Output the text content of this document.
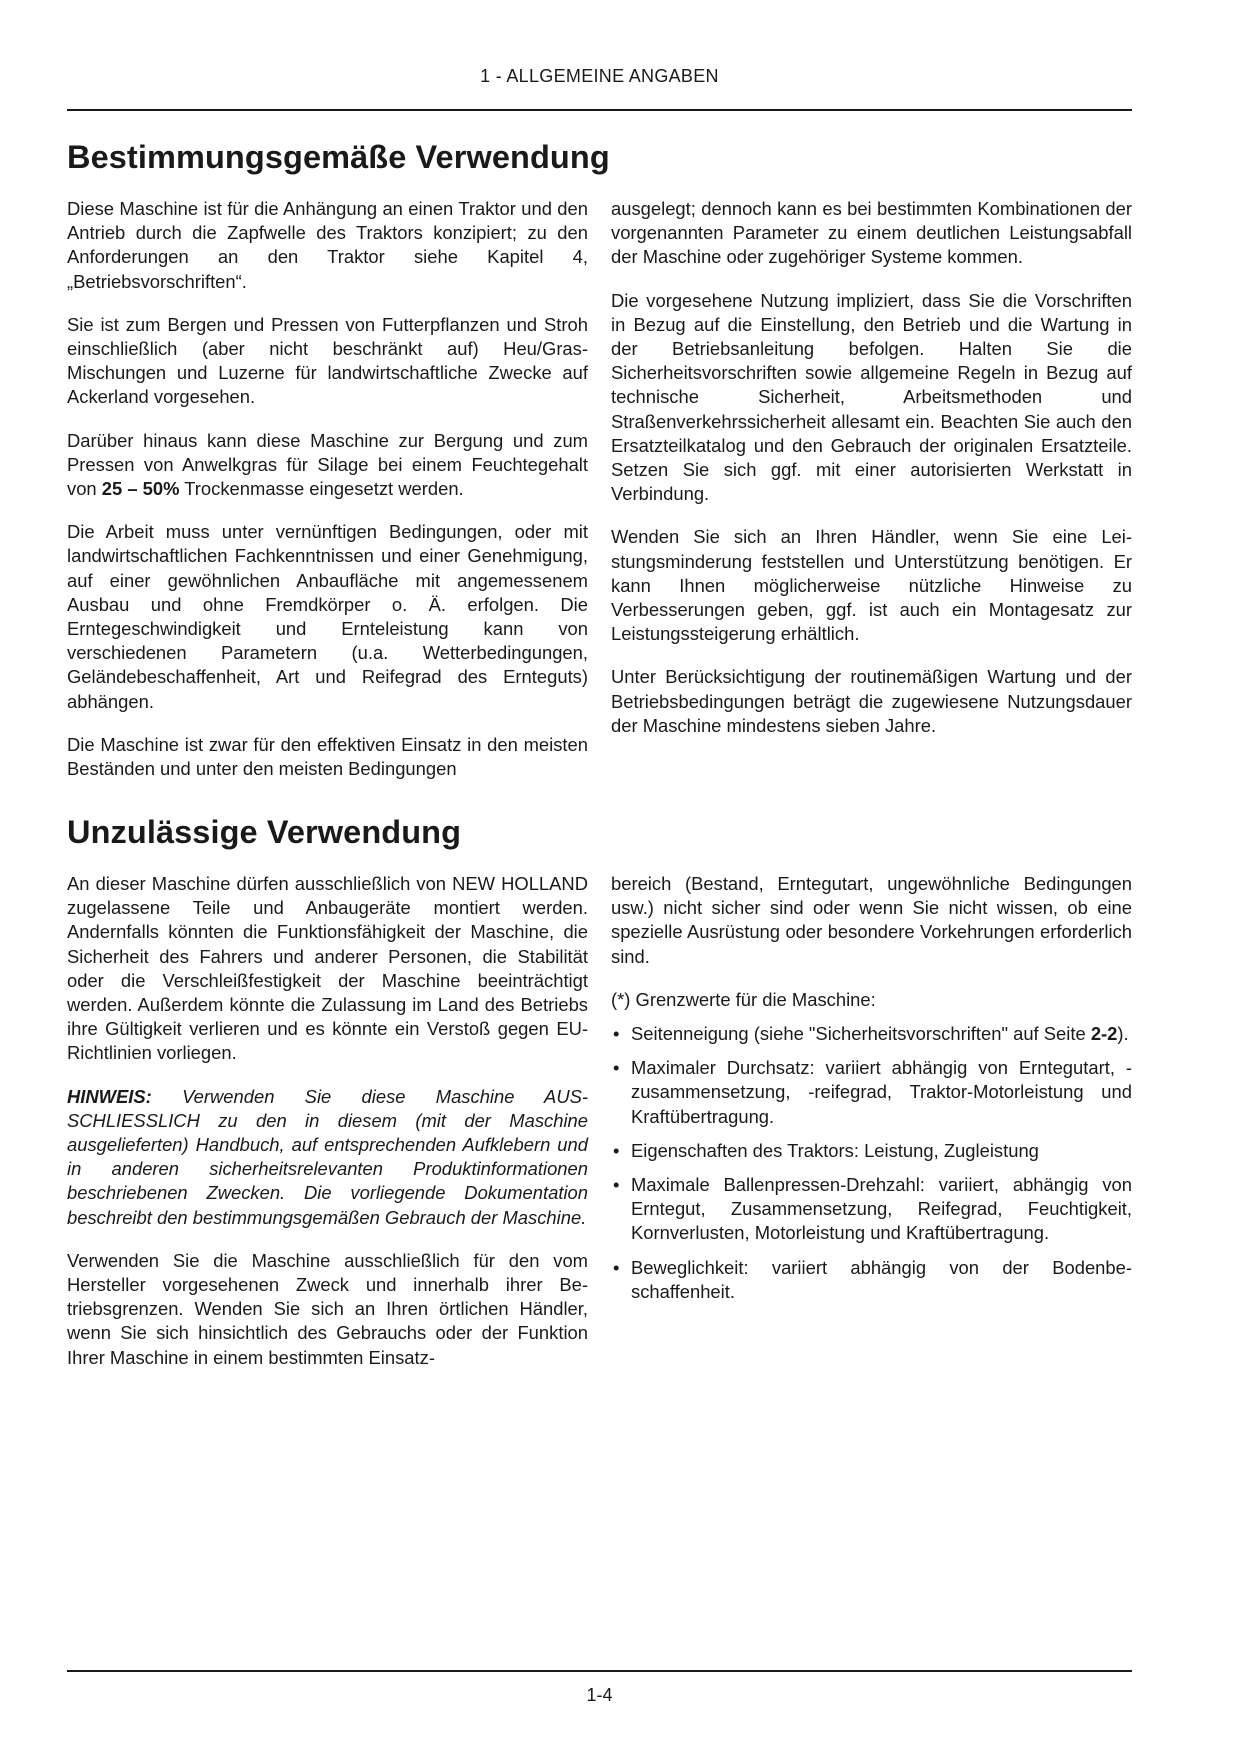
1 - ALLGEMEINE ANGABEN
Bestimmungsgemäße Verwendung

Diese Maschine ist für die Anhängung an einen Traktor und den Antrieb durch die Zapfwelle des Traktors konzipiert; zu den Anforderungen an den Traktor siehe Kapitel 4, „Betriebsvorschriften“.

Sie ist zum Bergen und Pressen von Futterpflanzen und Stroh einschließlich (aber nicht beschränkt auf) Heu/Gras-Mischungen und Luzerne für landwirtschaftliche Zwecke auf Ackerland vorgesehen.

Darüber hinaus kann diese Maschine zur Bergung und zum Pressen von Anwelkgras für Silage bei einem Feuchtegehalt von 25 – 50% Trockenmasse eingesetzt werden.

Die Arbeit muss unter vernünftigen Bedingungen, oder mit landwirtschaftlichen Fachkenntnissen und einer Genehmigung, auf einer gewöhnlichen Anbaufläche mit angemessenem Ausbau und ohne Fremdkörper o. Ä. erfolgen. Die Erntegeschwindigkeit und Ernteleistung kann von verschiedenen Parametern (u.a. Wetterbedingungen, Geländebeschaffenheit, Art und Reifegrad des Ernteguts) abhängen.

Die Maschine ist zwar für den effektiven Einsatz in den meisten Beständen und unter den meisten Bedingungen

ausgelegt; dennoch kann es bei bestimmten Kombinationen der vorgenannten Parameter zu einem deutlichen Leistungsabfall der Maschine oder zugehöriger Systeme kommen.

Die vorgesehene Nutzung impliziert, dass Sie die Vorschriften in Bezug auf die Einstellung, den Betrieb und die Wartung in der Betriebsanleitung befolgen. Halten Sie die Sicherheitsvorschriften sowie allgemeine Regeln in Bezug auf technische Sicherheit, Arbeitsmethoden und Straßenverkehrssicherheit allesamt ein. Beachten Sie auch den Ersatzteilkatalog und den Gebrauch der originalen Ersatzteile. Setzen Sie sich ggf. mit einer autorisierten Werkstatt in Verbindung.

Wenden Sie sich an Ihren Händler, wenn Sie eine Leistungsminderung feststellen und Unterstützung benötigen. Er kann Ihnen möglicherweise nützliche Hinweise zu Verbesserungen geben, ggf. ist auch ein Montagesatz zur Leistungssteigerung erhältlich.

Unter Berücksichtigung der routinemäßigen Wartung und der Betriebsbedingungen beträgt die zugewiesene Nutzungsdauer der Maschine mindestens sieben Jahre.

Unzulässige Verwendung

An dieser Maschine dürfen ausschließlich von NEW HOLLAND zugelassene Teile und Anbaugeräte montiert werden. Andernfalls könnten die Funktionsfähigkeit der Maschine, die Sicherheit des Fahrers und anderer Personen, die Stabilität oder die Verschleißfestigkeit der Maschine beeinträchtigt werden. Außerdem könnte die Zulassung im Land des Betriebs ihre Gültigkeit verlieren und es könnte ein Verstoß gegen EU-Richtlinien vorliegen.

HINWEIS: Verwenden Sie diese Maschine AUSSCHLIESSLICH zu den in diesem (mit der Maschine ausgelieferten) Handbuch, auf entsprechenden Aufklebern und in anderen sicherheitsrelevanten Produktinformationen beschriebenen Zwecken. Die vorliegende Dokumentation beschreibt den bestimmungsgemäßen Gebrauch der Maschine.

Verwenden Sie die Maschine ausschließlich für den vom Hersteller vorgesehenen Zweck und innerhalb ihrer Betriebsgrenzen. Wenden Sie sich an Ihren örtlichen Händler, wenn Sie sich hinsichtlich des Gebrauchs oder der Funktion Ihrer Maschine in einem bestimmten Einsatz-

bereich (Bestand, Erntegutart, ungewöhnliche Bedingungen usw.) nicht sicher sind oder wenn Sie nicht wissen, ob eine spezielle Ausrüstung oder besondere Vorkehrungen erforderlich sind.

(*) Grenzwerte für die Maschine:

• Seitenneigung (siehe "Sicherheitsvorschriften" auf Seite 2-2).
• Maximaler Durchsatz: variiert abhängig von Erntegutart, -zusammensetzung, -reifegrad, Traktor-Motorleistung und Kraftübertragung.
• Eigenschaften des Traktors: Leistung, Zugleistung
• Maximale Ballenpressen-Drehzahl: variiert, abhängig von Erntegut, Zusammensetzung, Reifegrad, Feuchtigkeit, Kornverlusten, Motorleistung und Kraftübertragung.
• Beweglichkeit: variiert abhängig von der Bodenbeschaffenheit.
1-4
